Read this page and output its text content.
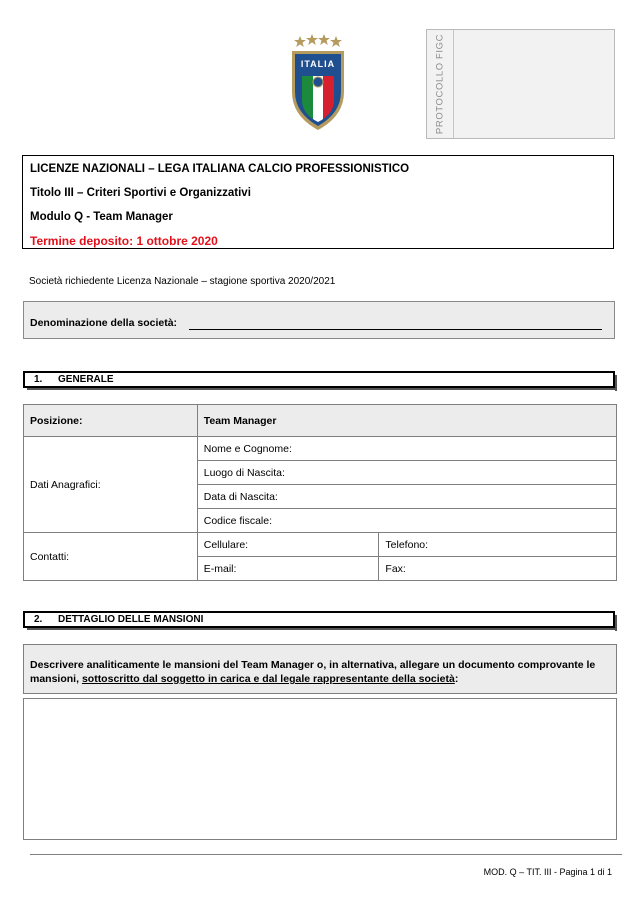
ITALIA	PROTOCOLLO FIGC
LICENZE NAZIONALI – LEGA ITALIANA CALCIO PROFESSIONISTICO
Titolo III – Criteri Sportivi e Organizzativi
Modulo Q - Team Manager
Termine deposito: 1 ottobre 2020
Società richiedente Licenza Nazionale – stagione sportiva 2020/2021
Denominazione della società:
1. GENERALE
Posizione:	Team Manager	
Dati Anagrafici:	Nome e Cognome:	
	Luogo di Nascita:	
	Data di Nascita:	
	Codice fiscale:	
Contatti:	Cellulare:	Telefono:
	E-mail:	Fax:
2. DETTAGLIO DELLE MANSIONI

Descrivere analiticamente le mansioni del Team Manager o, in alternativa, allegare un documento comprovante le mansioni, sottoscritto dal soggetto in carica e dal legale rappresentante della società:

MOD. Q – TIT. III - Pagina 1 di 1
